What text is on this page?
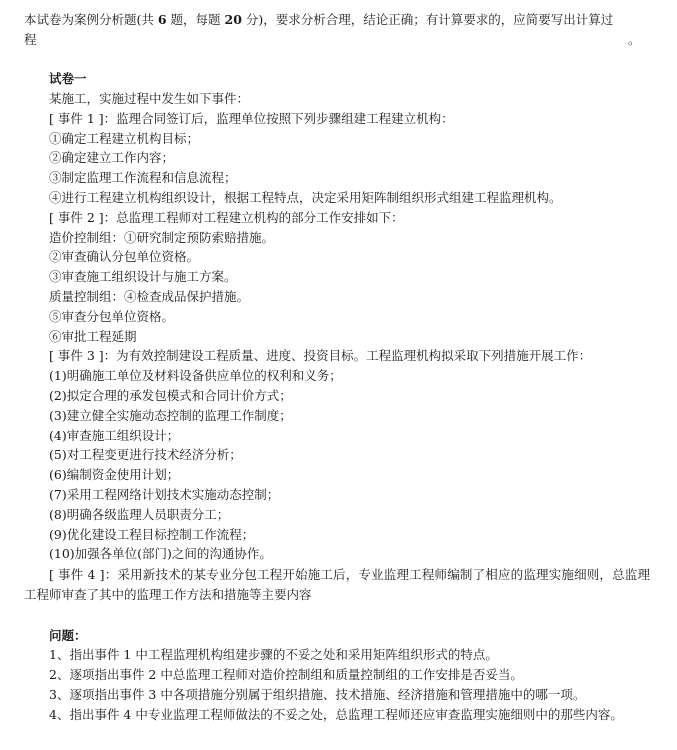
本试卷为案例分析题(共 6 题，每题 20 分)，要求分析合理，结论正确；有计算要求的，应简要写出计算过
程	。
试卷一
某施工，实施过程中发生如下事件：
[ 事件 1 ]：监理合同签订后，监理单位按照下列步骤组建工程建立机构：
①确定工程建立机构目标；
②确定建立工作内容；
③制定监理工作流程和信息流程；
④进行工程建立机构组织设计，根据工程特点，决定采用矩阵制组织形式组建工程监理机构。
[ 事件 2 ]：总监理工程师对工程建立机构的部分工作安排如下：
造价控制组：①研究制定预防索赔措施。
②审查确认分包单位资格。
③审查施工组织设计与施工方案。
质量控制组：④检查成品保护措施。
⑤审查分包单位资格。
⑥审批工程延期
[ 事件 3 ]：为有效控制建设工程质量、进度、投资目标。工程监理机构拟采取下列措施开展工作：
(1)明确施工单位及材料设备供应单位的权利和义务；
(2)拟定合理的承发包模式和合同计价方式；
(3)建立健全实施动态控制的监理工作制度；
(4)审查施工组织设计；
(5)对工程变更进行技术经济分析；
(6)编制资金使用计划；
(7)采用工程网络计划技术实施动态控制；
(8)明确各级监理人员职责分工；
(9)优化建设工程目标控制工作流程；
(10)加强各单位(部门)之间的沟通协作。
[ 事件 4 ]：采用新技术的某专业分包工程开始施工后，专业监理工程师编制了相应的监理实施细则，总监理工程师审查了其中的监理工作方法和措施等主要内容
问题：
1、指出事件 1 中工程监理机构组建步骤的不妥之处和采用矩阵组织形式的特点。
2、逐项指出事件 2 中总监理工程师对造价控制组和质量控制组的工作安排是否妥当。
3、逐项指出事件 3 中各项措施分别属于组织措施、技术措施、经济措施和管理措施中的哪一项。
4、指出事件 4 中专业监理工程师做法的不妥之处，总监理工程师还应审查监理实施细则中的那些内容。
